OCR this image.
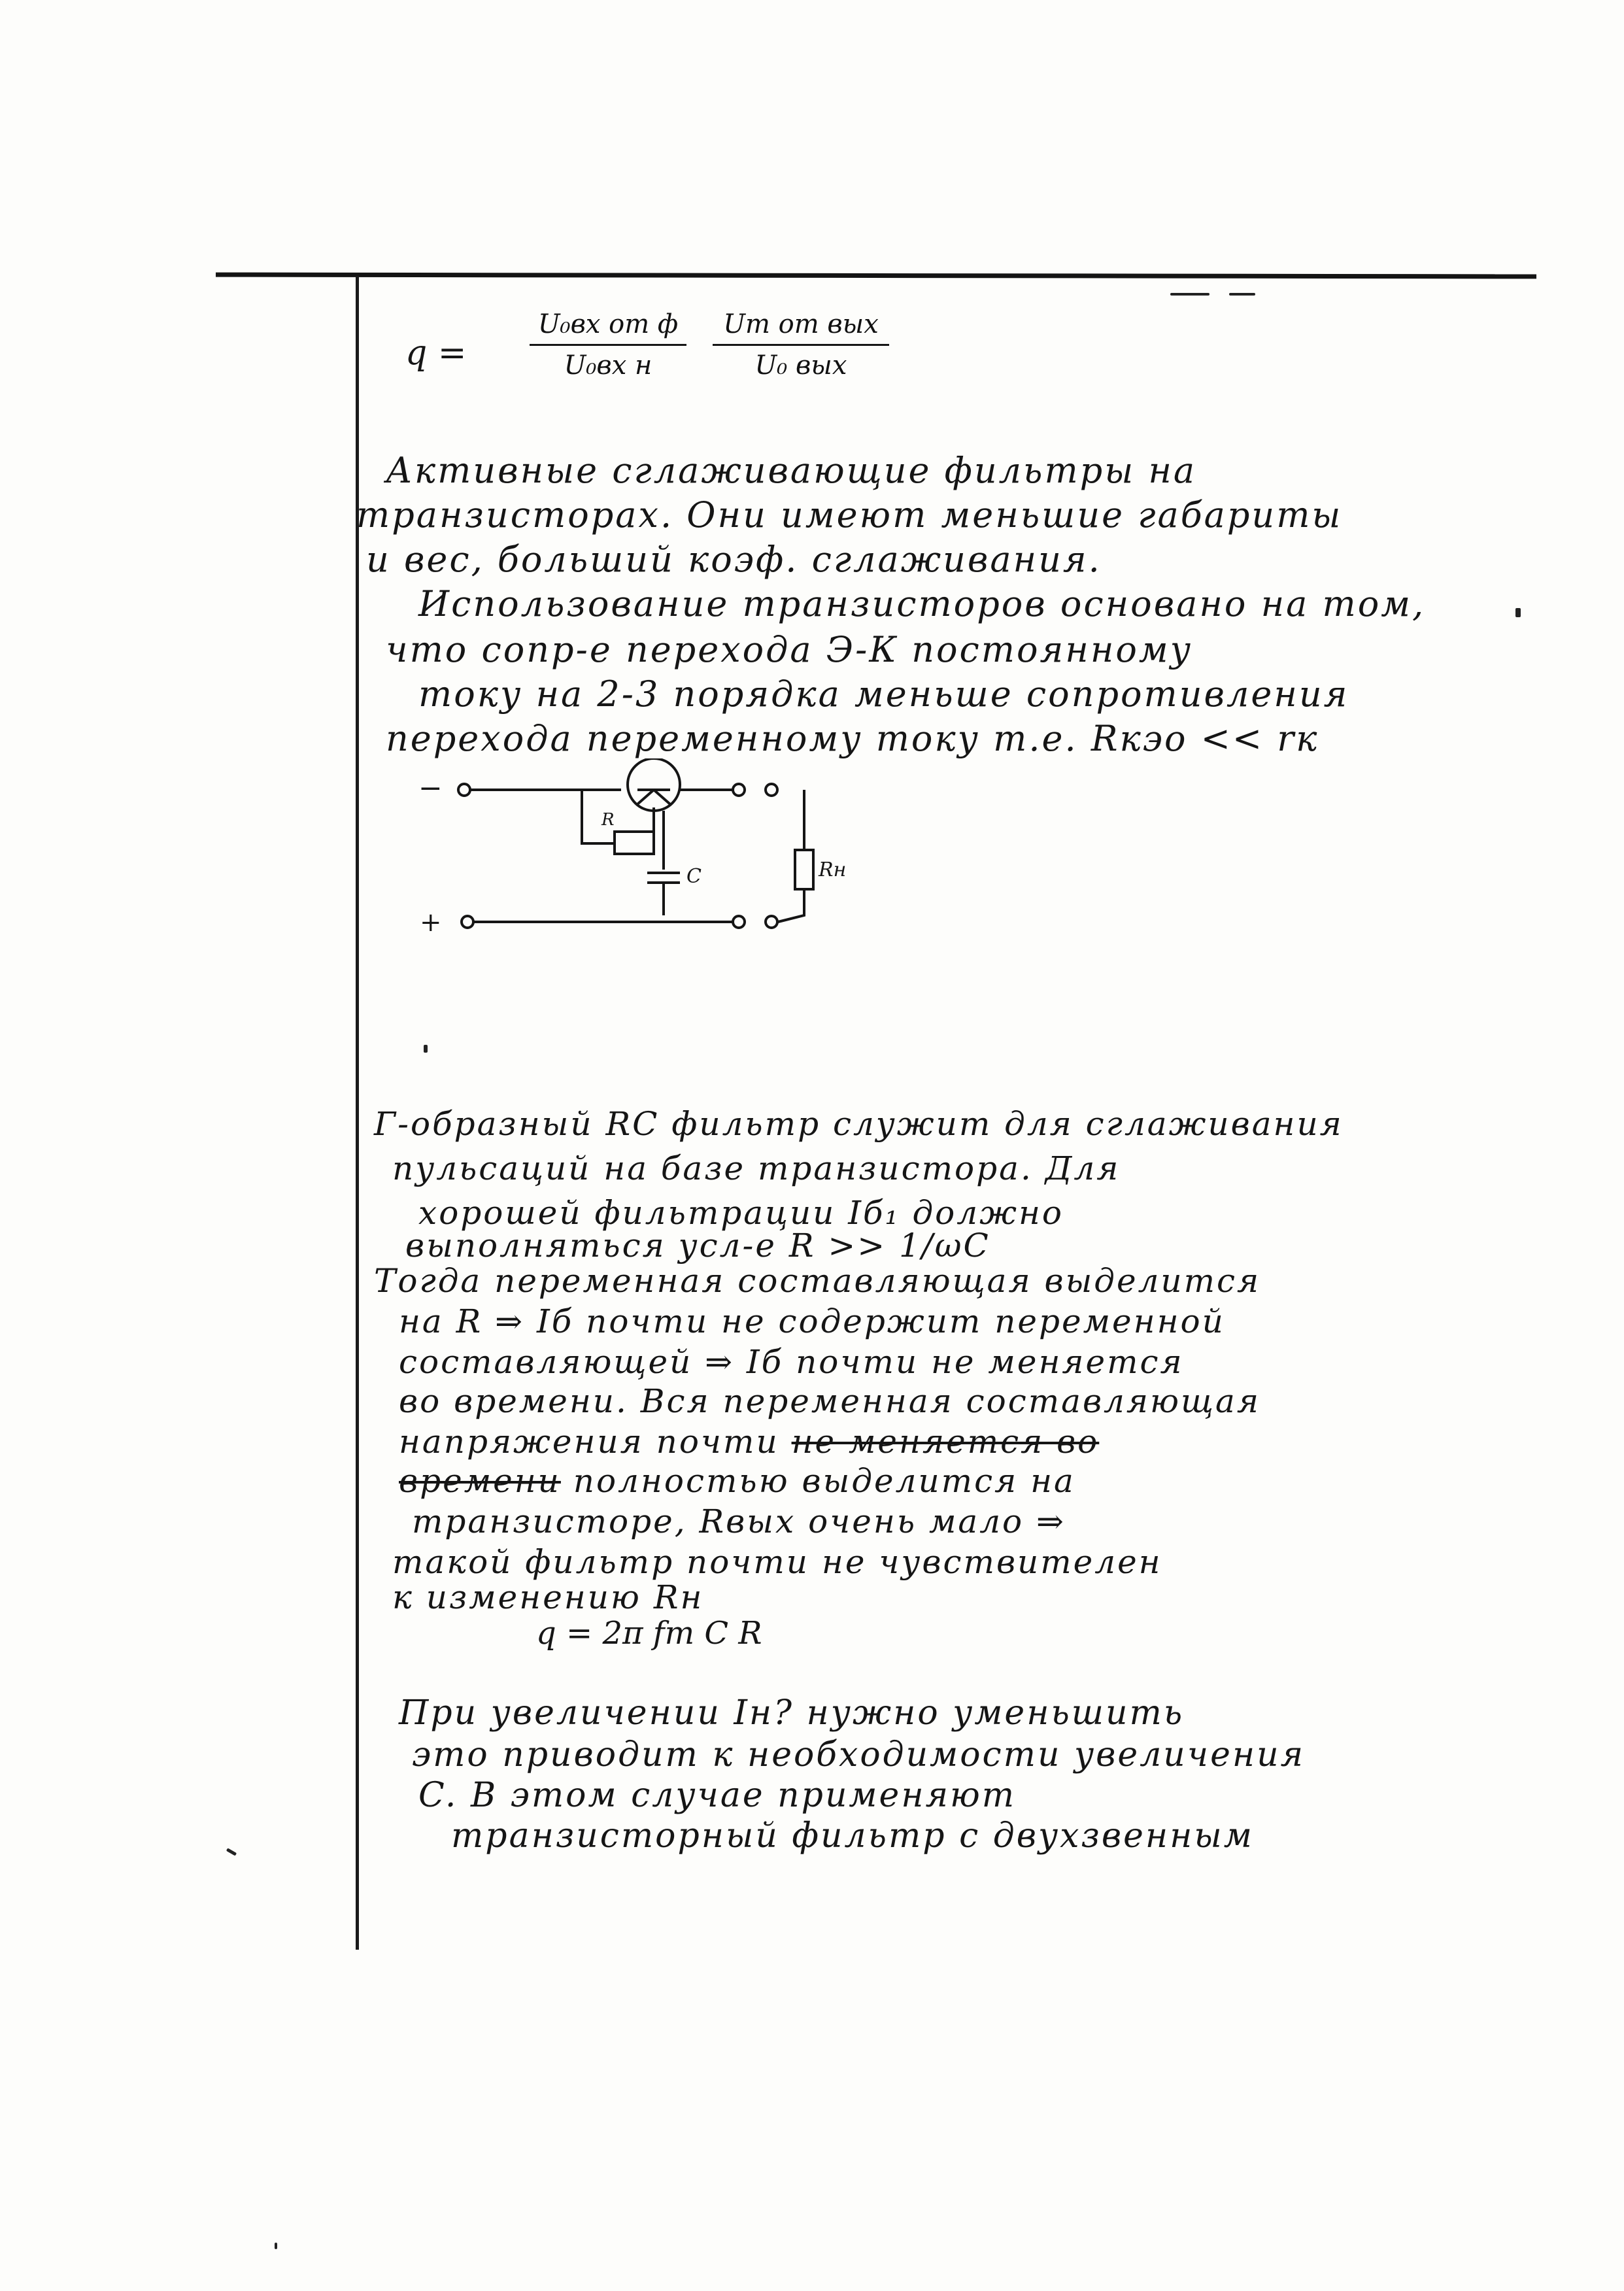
q =
U₀вх от ф
U₀вх н
Um от вых
U₀ вых
Активные сглаживающие фильтры на
транзисторах. Они имеют меньшие габариты
и вес, больший коэф. сглаживания.
Использование транзисторов основано на том,
что сопр-е перехода Э-К постоянному
току на 2-3 порядка меньше сопротивления
перехода переменному току т.е. Rкэо << rк
−
R
C	Rн
+
Г-образный RC фильтр служит для сглаживания
пульсаций на базе транзистора. Для
хорошей фильтрации Iб₁ должно
выполняться усл-е R >> 1/ωC
Тогда переменная составляющая выделится
на R ⇒ Iб почти не содержит переменной
составляющей ⇒ Iб почти не меняется
во времени. Вся переменная составляющая
напряжения почти не меняется во
времени полностью выделится на
транзисторе, Rвых очень мало ⇒
такой фильтр почти не чувствителен
к изменению Rн
q = 2π fm C R
При увеличении Iн? нужно уменьшить
это приводит к необходимости увеличения
C. В этом случае применяют
транзисторный фильтр с двухзвенным
